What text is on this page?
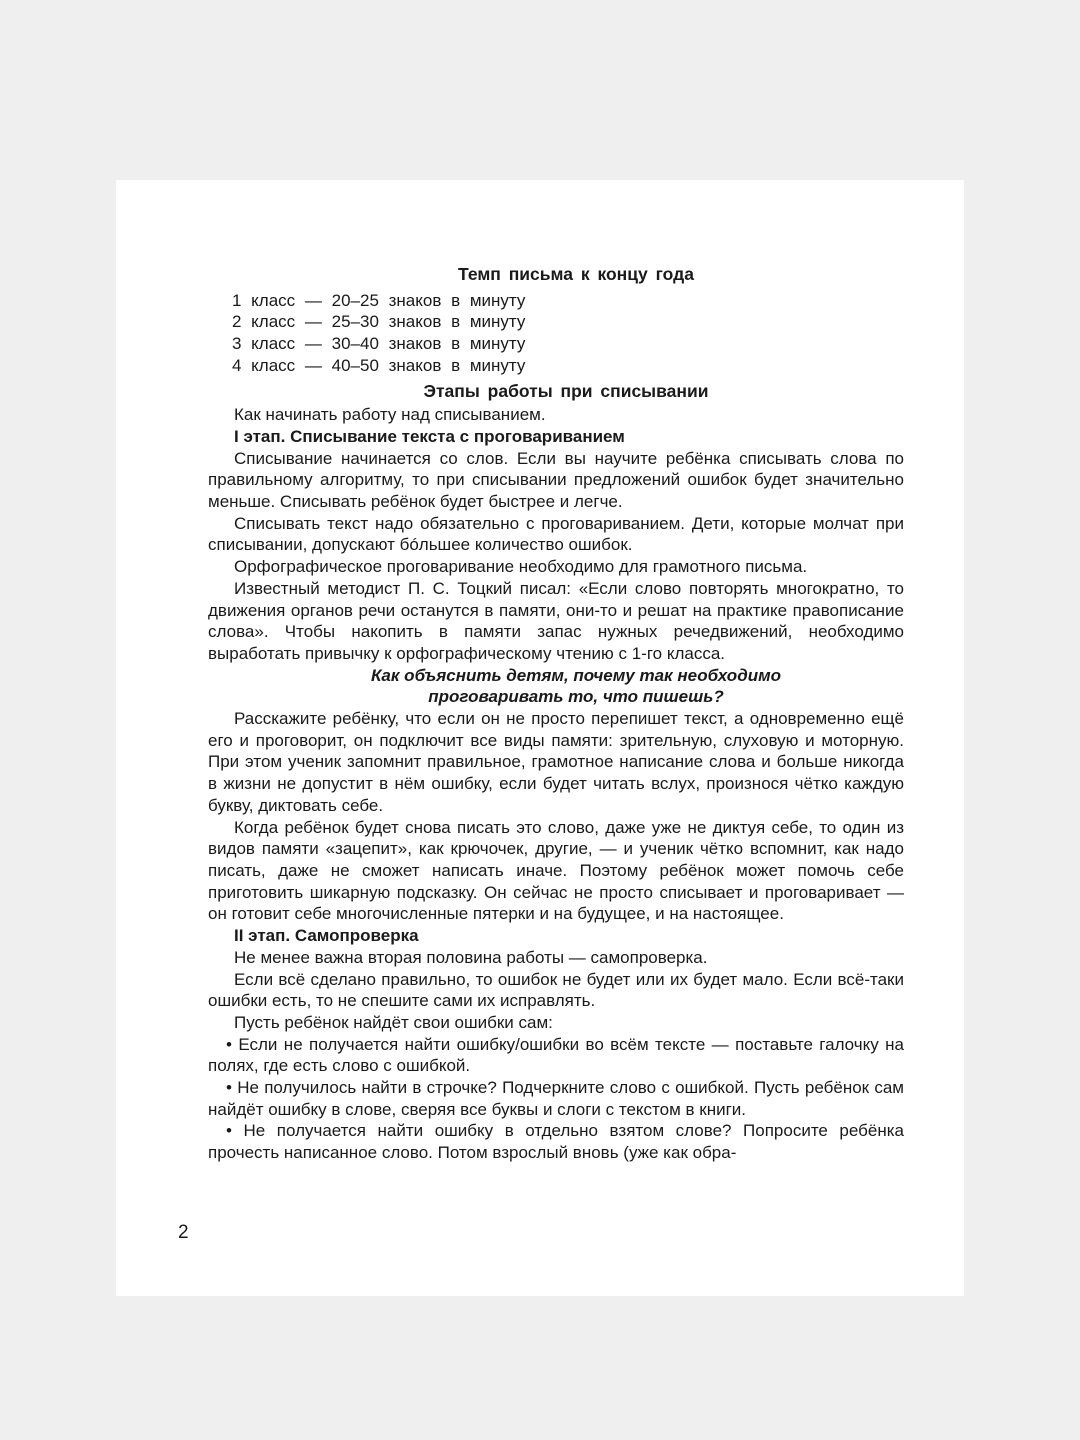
Темп письма к концу года
1 класс — 20–25 знаков в минуту
2 класс — 25–30 знаков в минуту
3 класс — 30–40 знаков в минуту
4 класс — 40–50 знаков в минуту
Этапы работы при списывании

Как начинать работу над списыванием.

I этап. Списывание текста с проговариванием

Списывание начинается со слов. Если вы научите ребёнка списывать слова по правильному алгоритму, то при списывании предложений ошибок будет значительно меньше. Списывать ребёнок будет быстрее и легче.

Списывать текст надо обязательно с проговариванием. Дети, которые молчат при списывании, допускают бóльшее количество ошибок.

Орфографическое проговаривание необходимо для грамотного письма.

Известный методист П. С. Тоцкий писал: «Если слово повторять многократно, то движения органов речи останутся в памяти, они-то и решат на практике правописание слова». Чтобы накопить в памяти запас нужных речедвижений, необходимо выработать привычку к орфографическому чтению с 1-го класса.

Как объяснить детям, почему так необходимо
проговаривать то, что пишешь?

Расскажите ребёнку, что если он не просто перепишет текст, а одновременно ещё его и проговорит, он подключит все виды памяти: зрительную, слуховую и моторную. При этом ученик запомнит правильное, грамотное написание слова и больше никогда в жизни не допустит в нём ошибку, если будет читать вслух, произнося чётко каждую букву, диктовать себе.

Когда ребёнок будет снова писать это слово, даже уже не диктуя себе, то один из видов памяти «зацепит», как крючочек, другие, — и ученик чётко вспомнит, как надо писать, даже не сможет написать иначе. Поэтому ребёнок может помочь себе приготовить шикарную подсказку. Он сейчас не просто списывает и проговаривает — он готовит себе многочисленные пятерки и на будущее, и на настоящее.

II этап. Самопроверка

Не менее важна вторая половина работы — самопроверка.

Если всё сделано правильно, то ошибок не будет или их будет мало. Если всё-таки ошибки есть, то не спешите сами их исправлять.

Пусть ребёнок найдёт свои ошибки сам:

• Если не получается найти ошибку/ошибки во всём тексте — поставьте галочку на полях, где есть слово с ошибкой.

• Не получилось найти в строчке? Подчеркните слово с ошибкой. Пусть ребёнок сам найдёт ошибку в слове, сверяя все буквы и слоги с текстом в книги.

• Не получается найти ошибку в отдельно взятом слове? Попросите ребёнка прочесть написанное слово. Потом взрослый вновь (уже как обра-

2
